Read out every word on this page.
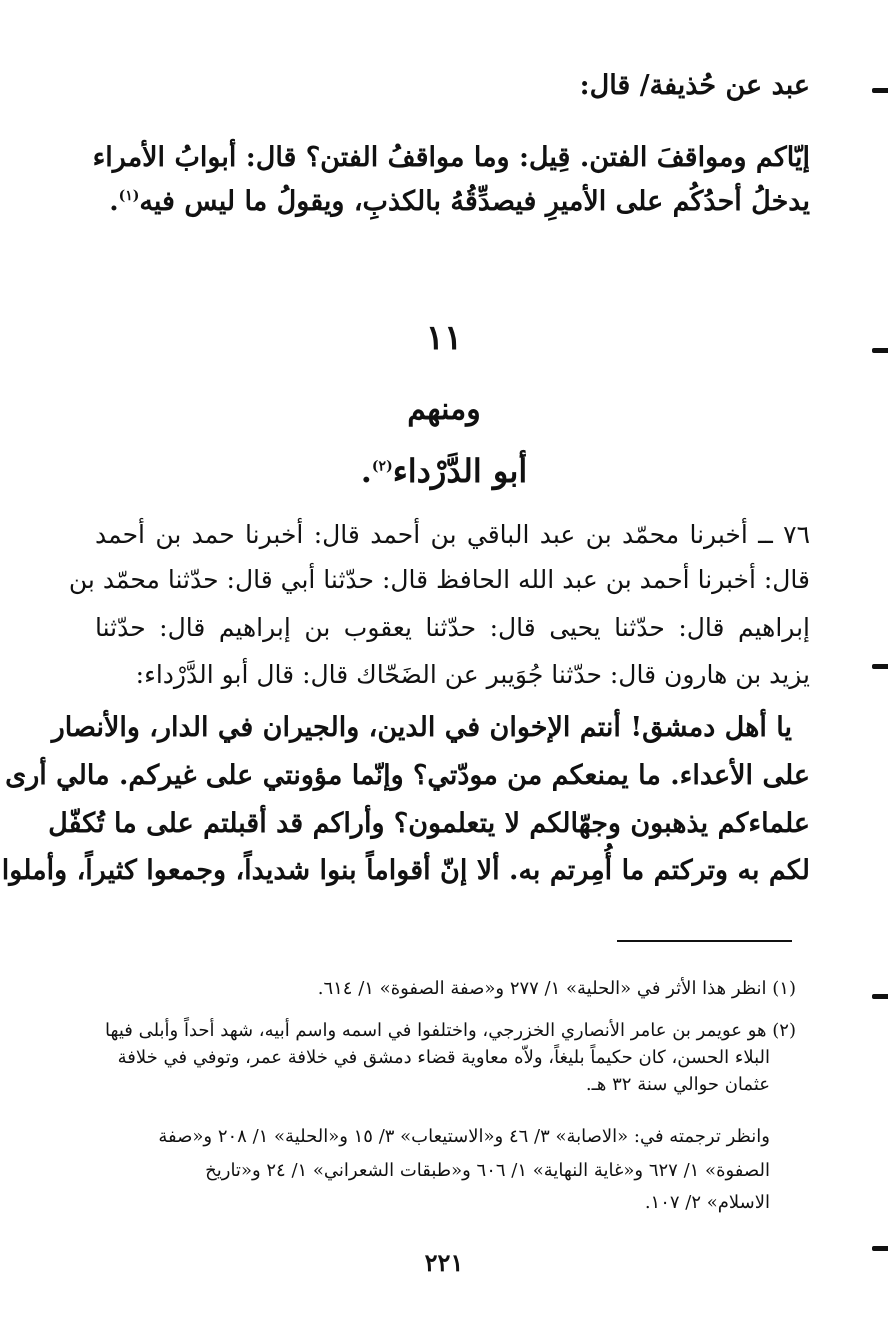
عبد عن حُذيفة/ قال:
إيّاكم ومواقفَ الفتن. قِيل: وما مواقفُ الفتن؟ قال: أبوابُ الأمراء
يدخلُ أحدُكُم على الأميرِ فيصدِّقُهُ بالكذبِ، ويقولُ ما ليس فيه$^{(١)}$.
١١
ومنهم
أبو الدَّرْداء$^{(٢)}$.
٧٦ ــ أخبرنا محمّد بن عبد الباقي بن أحمد قال: أخبرنا حمد بن أحمد
قال: أخبرنا أحمد بن عبد الله الحافظ قال: حدّثنا أبي قال: حدّثنا محمّد بن
إبراهيم قال: حدّثنا يحيى قال: حدّثنا يعقوب بن إبراهيم قال: حدّثنا
يزيد بن هارون قال: حدّثنا جُوَيبر عن الضَحّاك قال: قال أبو الدَّرْداء:
يا أهل دمشق! أنتم الإخوان في الدين، والجيران في الدار، والأنصار
على الأعداء. ما يمنعكم من مودّتي؟ وإنّما مؤونتي على غيركم. مالي أرى
علماءكم يذهبون وجهّالكم لا يتعلمون؟ وأراكم قد أقبلتم على ما تُكفّل
لكم به وتركتم ما أُمِرتم به. ألا إنّ أقواماً بنوا شديداً، وجمعوا كثيراً، وأملوا
(١) انظر هذا الأثر في «الحلية» ١/ ٢٧٧ و«صفة الصفوة» ١/ ٦١٤.
(٢) هو عويمر بن عامر الأنصاري الخزرجي، واختلفوا في اسمه واسم أبيه، شهد أحداً وأبلى فيها
البلاء الحسن، كان حكيماً بليغاً، ولاّه معاوية قضاء دمشق في خلافة عمر، وتوفي في خلافة
عثمان حوالي سنة ٣٢ هـ.
وانظر ترجمته في: «الاصابة» ٣/ ٤٦ و«الاستيعاب» ٣/ ١٥ و«الحلية» ١/ ٢٠٨ و«صفة
الصفوة» ١/ ٦٢٧ و«غاية النهاية» ١/ ٦٠٦ و«طبقات الشعراني» ١/ ٢٤ و«تاريخ
الاسلام» ٢/ ١٠٧.
٢٢١
